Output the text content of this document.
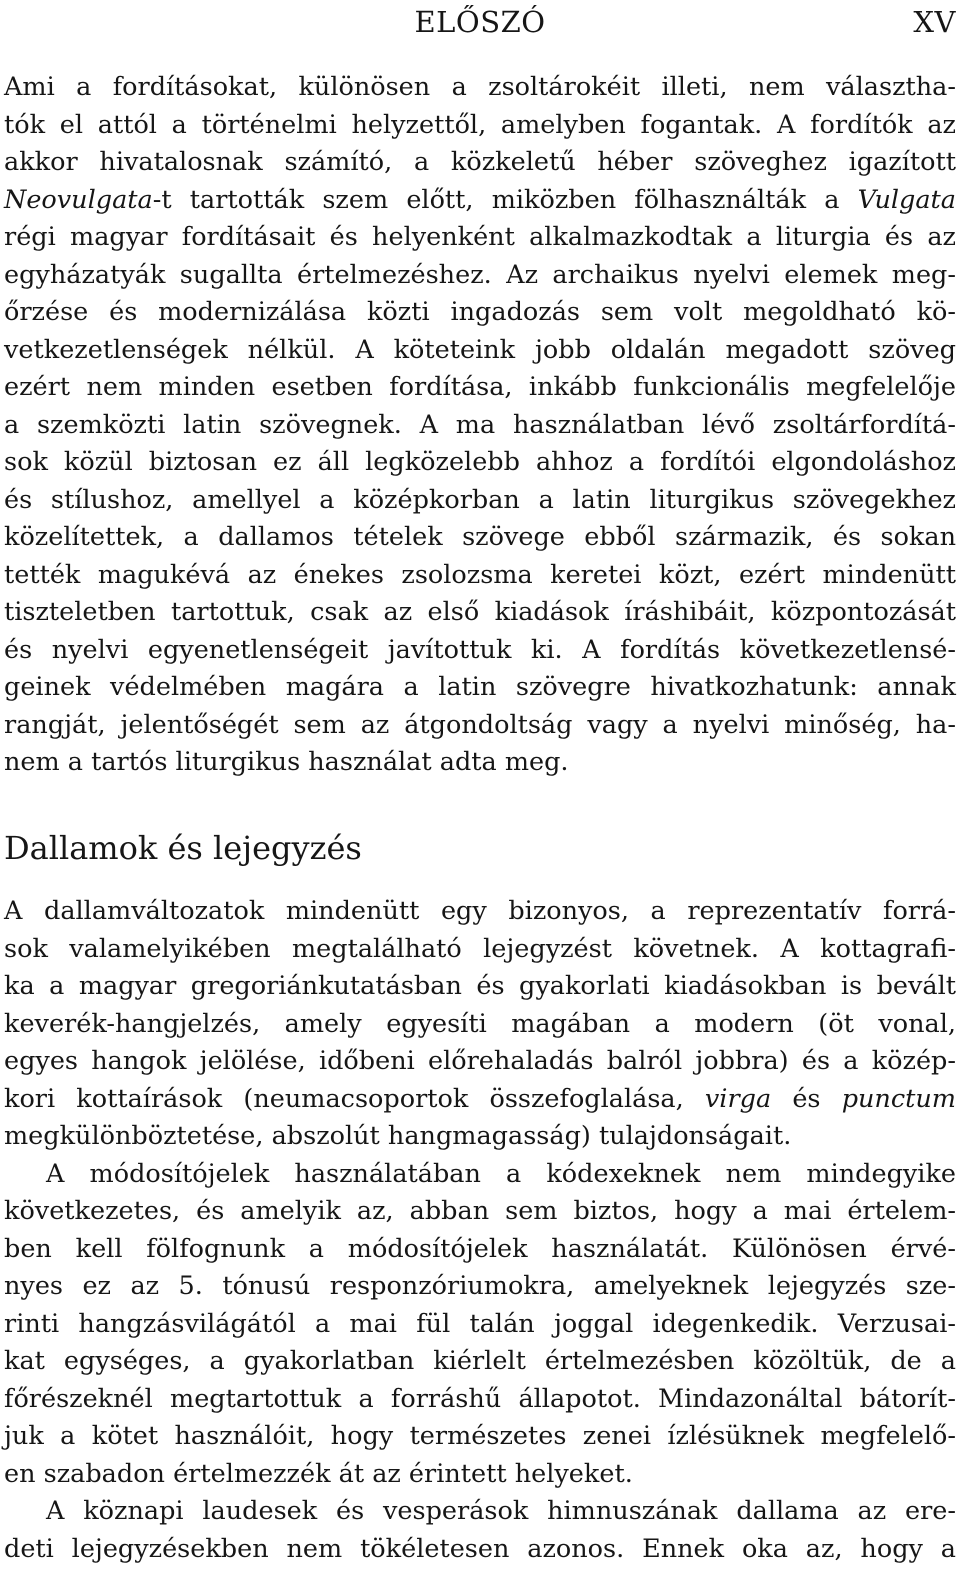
ELŐSZÓ	XV
Ami a fordításokat, különösen a zsoltárokéit illeti, nem választha-
tók el attól a történelmi helyzettől, amelyben fogantak. A fordítók az
akkor hivatalosnak számító, a közkeletű héber szöveghez igazított
Neovulgata-t tartották szem előtt, miközben fölhasználták a Vulgata
régi magyar fordításait és helyenként alkalmazkodtak a liturgia és az
egyházatyák sugallta értelmezéshez. Az archaikus nyelvi elemek meg-
őrzése és modernizálása közti ingadozás sem volt megoldható kö-
vetkezetlenségek nélkül. A köteteink jobb oldalán megadott szöveg
ezért nem minden esetben fordítása, inkább funkcionális megfelelője
a szemközti latin szövegnek. A ma használatban lévő zsoltárfordítá-
sok közül biztosan ez áll legközelebb ahhoz a fordítói elgondoláshoz
és stílushoz, amellyel a középkorban a latin liturgikus szövegekhez
közelítettek, a dallamos tételek szövege ebből származik, és sokan
tették magukévá az énekes zsolozsma keretei közt, ezért mindenütt
tiszteletben tartottuk, csak az első kiadások íráshibáit, központozását
és nyelvi egyenetlenségeit javítottuk ki. A fordítás következetlensé-
geinek védelmében magára a latin szövegre hivatkozhatunk: annak
rangját, jelentőségét sem az átgondoltság vagy a nyelvi minőség, ha-
nem a tartós liturgikus használat adta meg.
Dallamok és lejegyzés
A dallamváltozatok mindenütt egy bizonyos, a reprezentatív forrá-
sok valamelyikében megtalálható lejegyzést követnek. A kottagrafi-
ka a magyar gregoriánkutatásban és gyakorlati kiadásokban is bevált
keverék-hangjelzés, amely egyesíti magában a modern (öt vonal,
egyes hangok jelölése, időbeni előrehaladás balról jobbra) és a közép-
kori kottaírások (neumacsoportok összefoglalása, virga és punctum
megkülönböztetése, abszolút hangmagasság) tulajdonságait.
A módosítójelek használatában a kódexeknek nem mindegyike
következetes, és amelyik az, abban sem biztos, hogy a mai értelem-
ben kell fölfognunk a módosítójelek használatát. Különösen érvé-
nyes ez az 5. tónusú responzóriumokra, amelyeknek lejegyzés sze-
rinti hangzásvilágától a mai fül talán joggal idegenkedik. Verzusai-
kat egységes, a gyakorlatban kiérlelt értelmezésben közöltük, de a
főrészeknél megtartottuk a forrásһű állapotot. Mindazonáltal bátorít-
juk a kötet használóit, hogy természetes zenei ízlésüknek megfelelő-
en szabadon értelmezzék át az érintett helyeket.
A köznapi laudesek és vesperások himnuszának dallama az ere-
deti lejegyzésekben nem tökéletesen azonos. Ennek oka az, hogy a
